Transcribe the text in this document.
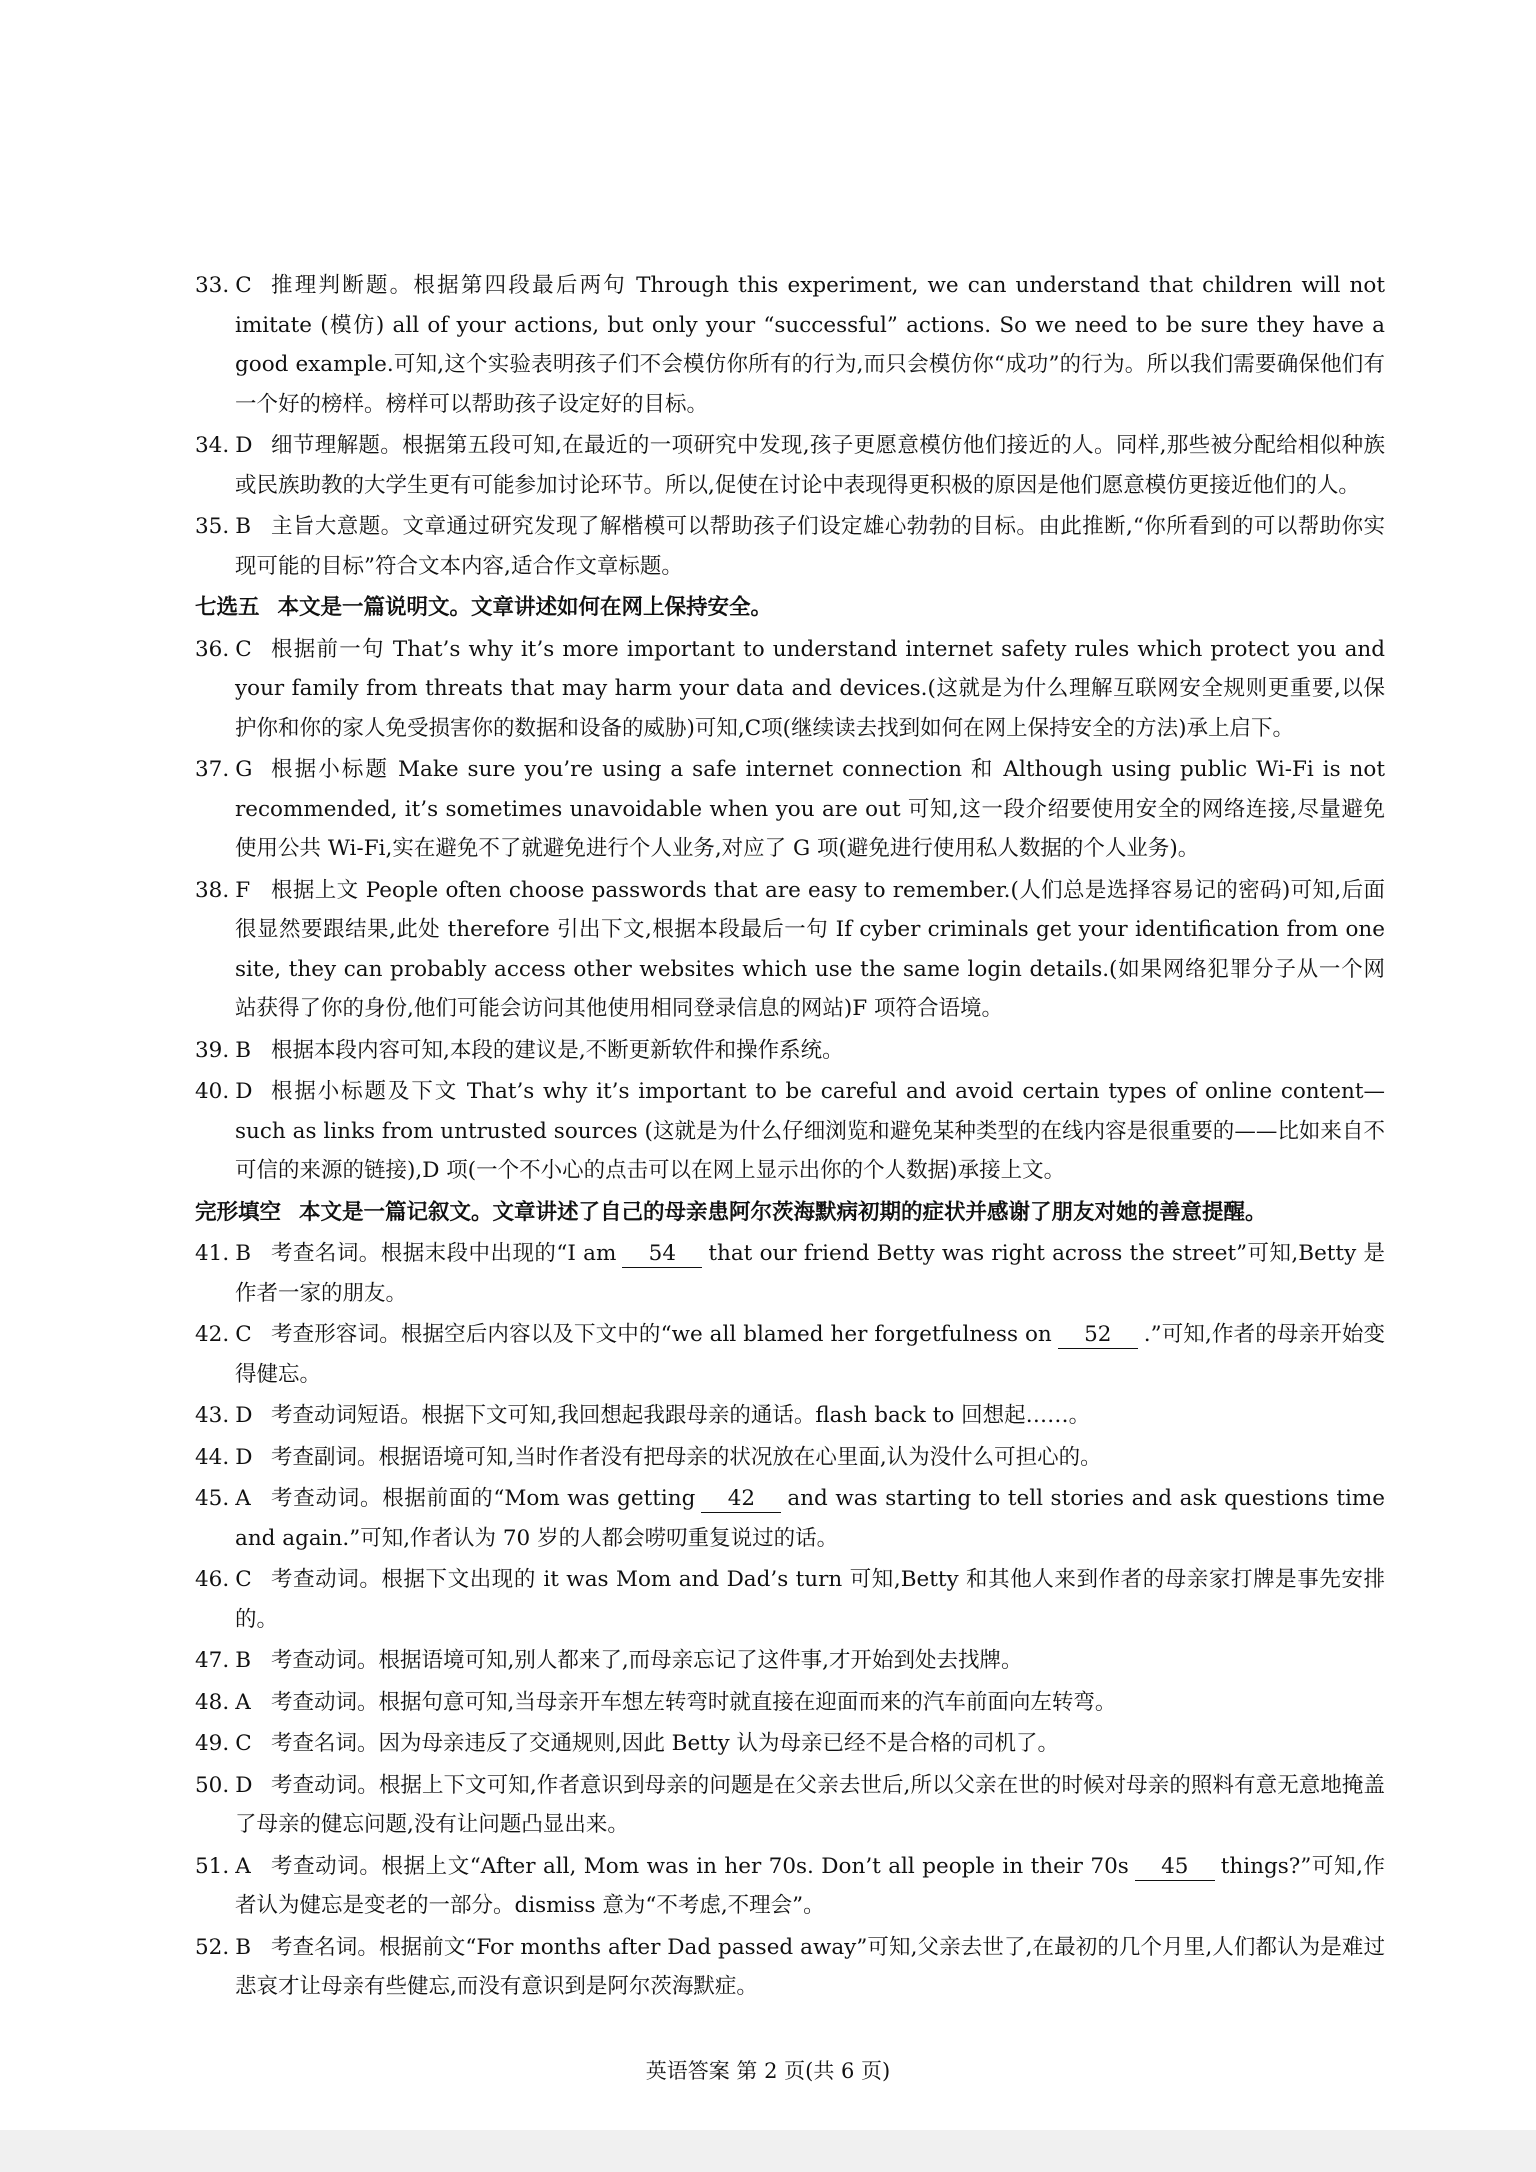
33. C 推理判断题。根据第四段最后两句 Through this experiment, we can understand that children will not imitate (模仿) all of your actions, but only your “successful” actions. So we need to be sure they have a good example.可知,这个实验表明孩子们不会模仿你所有的行为,而只会模仿你“成功”的行为。所以我们需要确保他们有一个好的榜样。榜样可以帮助孩子设定好的目标。
34. D 细节理解题。根据第五段可知,在最近的一项研究中发现,孩子更愿意模仿他们接近的人。同样,那些被分配给相似种族或民族助教的大学生更有可能参加讨论环节。所以,促使在讨论中表现得更积极的原因是他们愿意模仿更接近他们的人。
35. B 主旨大意题。文章通过研究发现了解楷模可以帮助孩子们设定雄心勃勃的目标。由此推断,“你所看到的可以帮助你实现可能的目标”符合文本内容,适合作文章标题。
七选五 本文是一篇说明文。文章讲述如何在网上保持安全。
36. C 根据前一句 That’s why it’s more important to understand internet safety rules which protect you and your family from threats that may harm your data and devices.(这就是为什么理解互联网安全规则更重要,以保护你和你的家人免受损害你的数据和设备的威胁)可知,C项(继续读去找到如何在网上保持安全的方法)承上启下。
37. G 根据小标题 Make sure you’re using a safe internet connection 和 Although using public Wi-Fi is not recommended, it’s sometimes unavoidable when you are out 可知,这一段介绍要使用安全的网络连接,尽量避免使用公共 Wi-Fi,实在避免不了就避免进行个人业务,对应了 G 项(避免进行使用私人数据的个人业务)。
38. F 根据上文 People often choose passwords that are easy to remember.(人们总是选择容易记的密码)可知,后面很显然要跟结果,此处 therefore 引出下文,根据本段最后一句 If cyber criminals get your identification from one site, they can probably access other websites which use the same login details.(如果网络犯罪分子从一个网站获得了你的身份,他们可能会访问其他使用相同登录信息的网站)F 项符合语境。
39. B 根据本段内容可知,本段的建议是,不断更新软件和操作系统。
40. D 根据小标题及下文 That’s why it’s important to be careful and avoid certain types of online content—such as links from untrusted sources (这就是为什么仔细浏览和避免某种类型的在线内容是很重要的——比如来自不可信的来源的链接),D 项(一个不小心的点击可以在网上显示出你的个人数据)承接上文。
完形填空 本文是一篇记叙文。文章讲述了自己的母亲患阿尔茨海默病初期的症状并感谢了朋友对她的善意提醒。
41. B 考查名词。根据末段中出现的“I am 54 that our friend Betty was right across the street”可知,Betty 是作者一家的朋友。
42. C 考查形容词。根据空后内容以及下文中的“we all blamed her forgetfulness on 52 .”可知,作者的母亲开始变得健忘。
43. D 考查动词短语。根据下文可知,我回想起我跟母亲的通话。flash back to 回想起……。
44. D 考查副词。根据语境可知,当时作者没有把母亲的状况放在心里面,认为没什么可担心的。
45. A 考查动词。根据前面的“Mom was getting 42 and was starting to tell stories and ask questions time and again.”可知,作者认为 70 岁的人都会唠叨重复说过的话。
46. C 考查动词。根据下文出现的 it was Mom and Dad’s turn 可知,Betty 和其他人来到作者的母亲家打牌是事先安排的。
47. B 考查动词。根据语境可知,别人都来了,而母亲忘记了这件事,才开始到处去找牌。
48. A 考查动词。根据句意可知,当母亲开车想左转弯时就直接在迎面而来的汽车前面向左转弯。
49. C 考查名词。因为母亲违反了交通规则,因此 Betty 认为母亲已经不是合格的司机了。
50. D 考查动词。根据上下文可知,作者意识到母亲的问题是在父亲去世后,所以父亲在世的时候对母亲的照料有意无意地掩盖了母亲的健忘问题,没有让问题凸显出来。
51. A 考查动词。根据上文“After all, Mom was in her 70s. Don’t all people in their 70s 45 things?”可知,作者认为健忘是变老的一部分。dismiss 意为“不考虑,不理会”。
52. B 考查名词。根据前文“For months after Dad passed away”可知,父亲去世了,在最初的几个月里,人们都认为是难过悲哀才让母亲有些健忘,而没有意识到是阿尔茨海默症。
英语答案 第 2 页(共 6 页)
